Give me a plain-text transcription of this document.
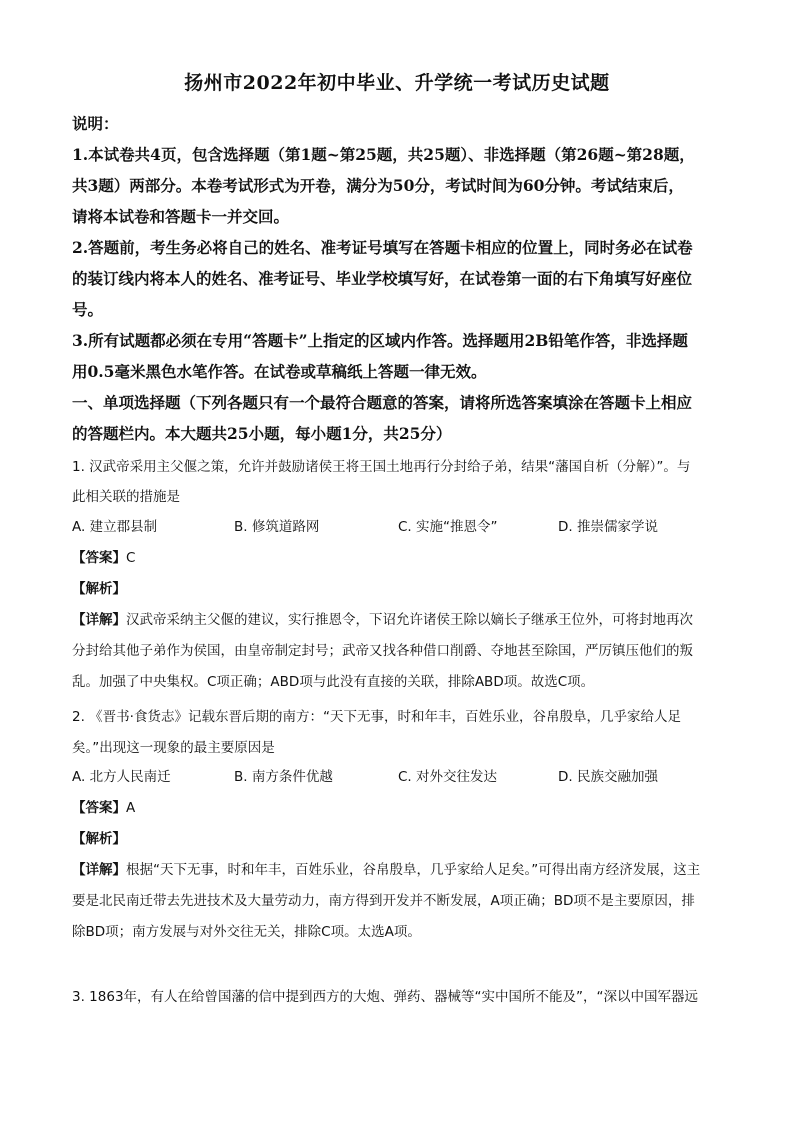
扬州市2022年初中毕业、升学统一考试历史试题
说明：
1.本试卷共4页，包含选择题（第1题~第25题，共25题）、非选择题（第26题~第28题，
共3题）两部分。本卷考试形式为开卷，满分为50分，考试时间为60分钟。考试结束后，
请将本试卷和答题卡一并交回。
2.答题前，考生务必将自己的姓名、准考证号填写在答题卡相应的位置上，同时务必在试卷
的装订线内将本人的姓名、准考证号、毕业学校填写好，在试卷第一面的右下角填写好座位
号。
3.所有试题都必须在专用“答题卡”上指定的区域内作答。选择题用2B铅笔作答，非选择题
用0.5毫米黑色水笔作答。在试卷或草稿纸上答题一律无效。
一、单项选择题（下列各题只有一个最符合题意的答案，请将所选答案填涂在答题卡上相应
的答题栏内。本大题共25小题，每小题1分，共25分）
1. 汉武帝采用主父偃之策，允许并鼓励诸侯王将王国土地再行分封给子弟，结果“藩国自析（分解）”。与
此相关联的措施是
A. 建立郡县制	B. 修筑道路网	C. 实施“推恩令”	D. 推崇儒家学说
【答案】C
【解析】
【详解】汉武帝采纳主父偃的建议，实行推恩令，下诏允许诸侯王除以嫡长子继承王位外，可将封地再次
分封给其他子弟作为侯国，由皇帝制定封号；武帝又找各种借口削爵、夺地甚至除国，严厉镇压他们的叛
乱。加强了中央集权。C项正确；ABD项与此没有直接的关联，排除ABD项。故选C项。
2. 《晋书·食货志》记载东晋后期的南方：“天下无事，时和年丰，百姓乐业，谷帛殷阜，几乎家给人足
矣。”出现这一现象的最主要原因是
A. 北方人民南迁	B. 南方条件优越	C. 对外交往发达	D. 民族交融加强
【答案】A
【解析】
【详解】根据“天下无事，时和年丰，百姓乐业，谷帛殷阜，几乎家给人足矣。”可得出南方经济发展，这主
要是北民南迁带去先进技术及大量劳动力，南方得到开发并不断发展，A项正确；BD项不是主要原因，排
除BD项；南方发展与对外交往无关，排除C项。太选A项。
3. 1863年，有人在给曾国藩的信中提到西方的大炮、弹药、器械等“实中国所不能及”，“深以中国军器远
